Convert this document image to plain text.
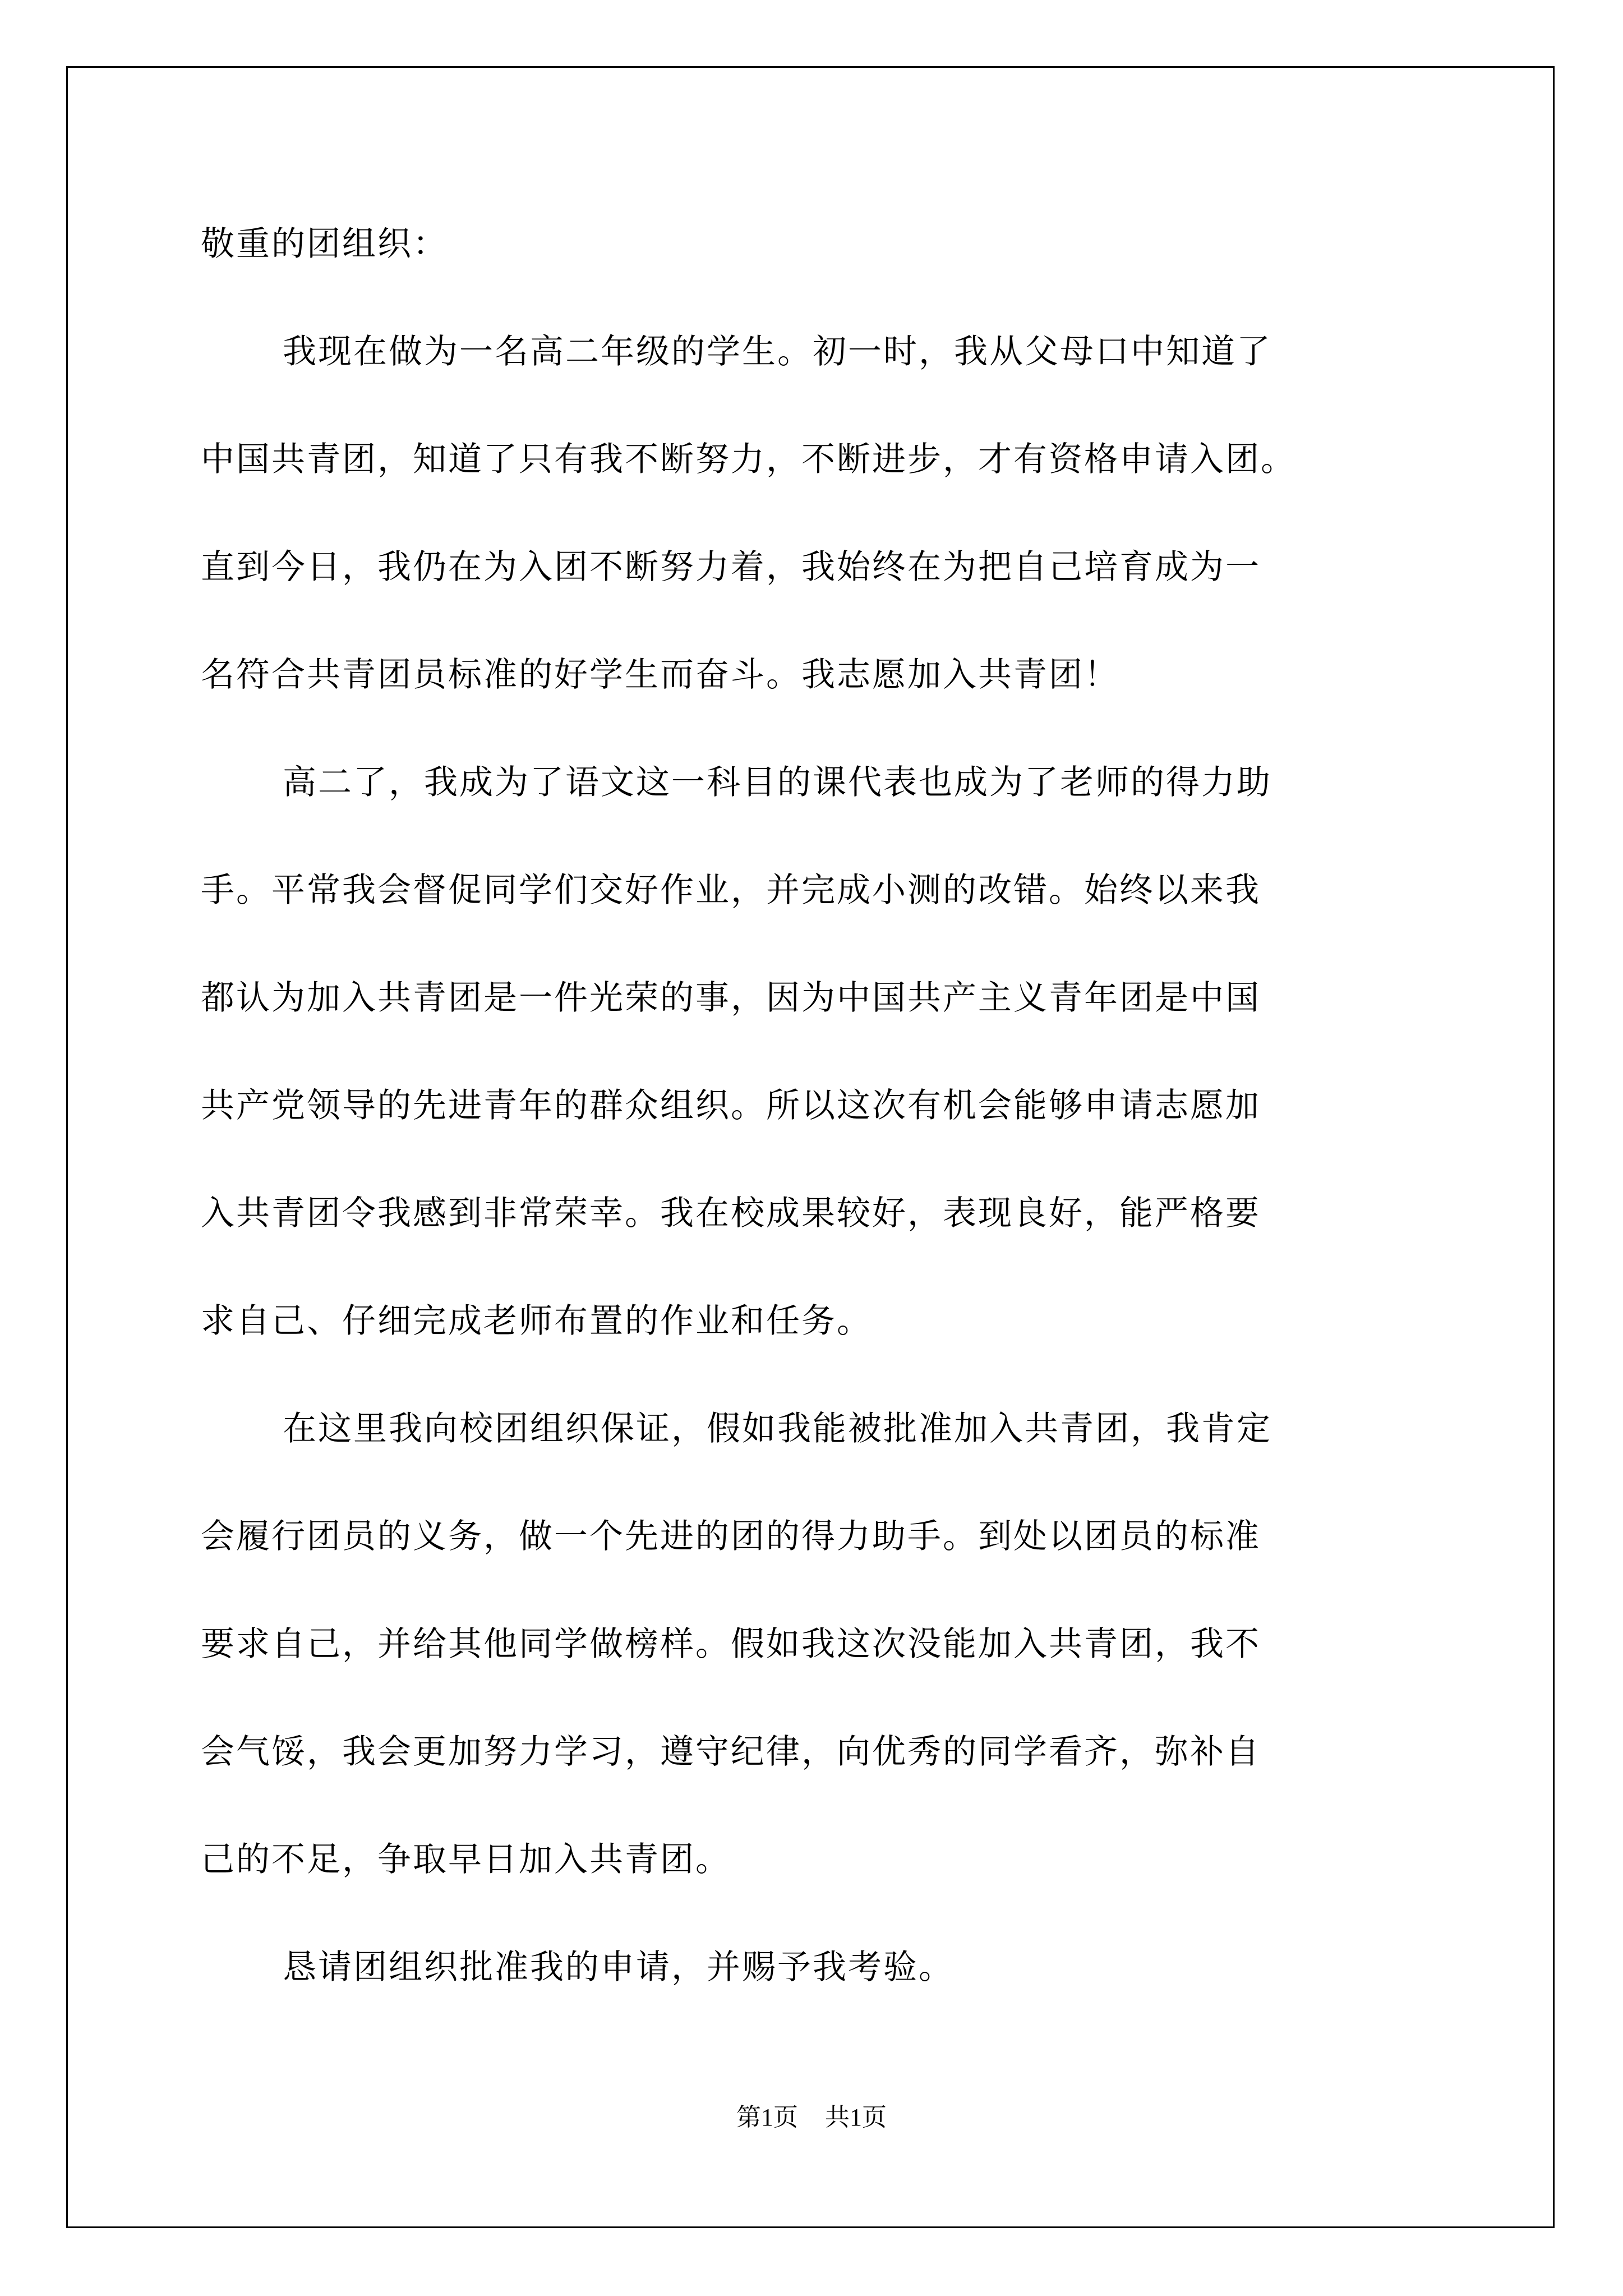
敬重的团组织：
我现在做为一名高二年级的学生。初一时，我从父母口中知道了
中国共青团，知道了只有我不断努力，不断进步，才有资格申请入团。
直到今日，我仍在为入团不断努力着，我始终在为把自己培育成为一
名符合共青团员标准的好学生而奋斗。我志愿加入共青团！
高二了，我成为了语文这一科目的课代表也成为了老师的得力助
手。平常我会督促同学们交好作业，并完成小测的改错。始终以来我
都认为加入共青团是一件光荣的事，因为中国共产主义青年团是中国
共产党领导的先进青年的群众组织。所以这次有机会能够申请志愿加
入共青团令我感到非常荣幸。我在校成果较好，表现良好，能严格要
求自己、仔细完成老师布置的作业和任务。
在这里我向校团组织保证，假如我能被批准加入共青团，我肯定
会履行团员的义务，做一个先进的团的得力助手。到处以团员的标准
要求自己，并给其他同学做榜样。假如我这次没能加入共青团，我不
会气馁，我会更加努力学习，遵守纪律，向优秀的同学看齐，弥补自
己的不足，争取早日加入共青团。
恳请团组织批准我的申请，并赐予我考验。
第1页 共1页
